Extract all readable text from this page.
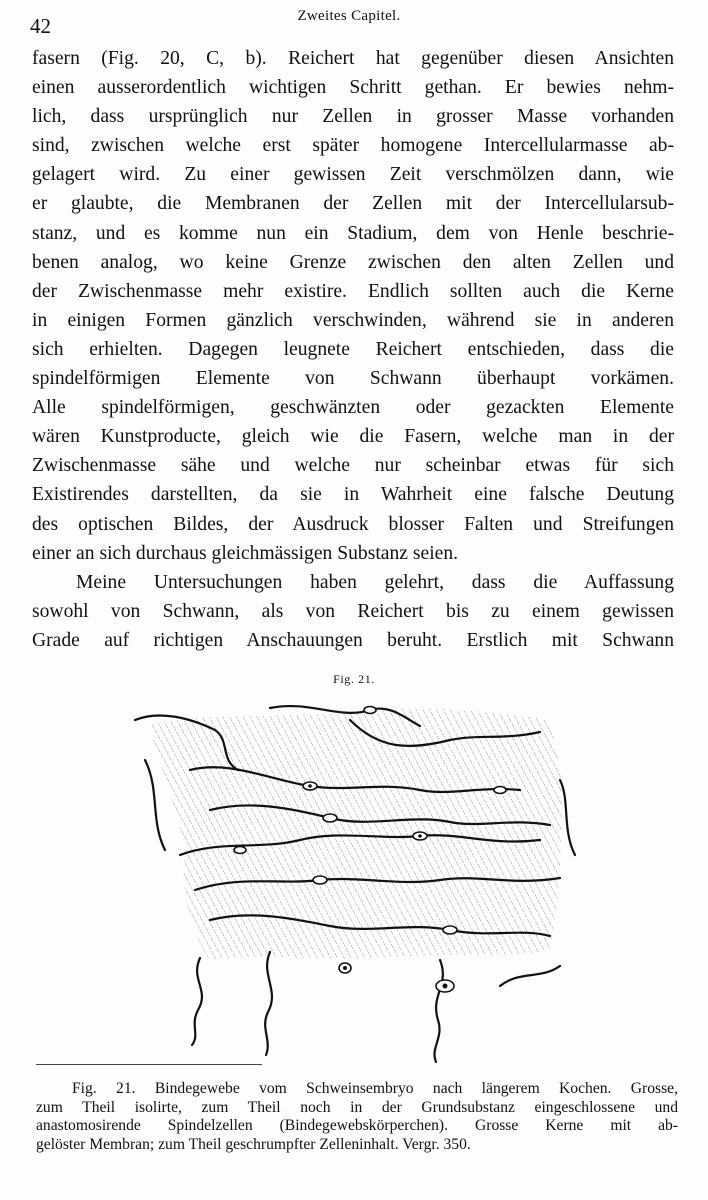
42	Zweites Capitel.
fasern (Fig. 20, C, b). Reichert hat gegenüber diesen Ansichten
einen ausserordentlich wichtigen Schritt gethan. Er bewies nehm-
lich, dass ursprünglich nur Zellen in grosser Masse vorhanden
sind, zwischen welche erst später homogene Intercellularmasse ab-
gelagert wird. Zu einer gewissen Zeit verschmölzen dann, wie
er glaubte, die Membranen der Zellen mit der Intercellularsub-
stanz, und es komme nun ein Stadium, dem von Henle beschrie-
benen analog, wo keine Grenze zwischen den alten Zellen und
der Zwischenmasse mehr existire. Endlich sollten auch die Kerne
in einigen Formen gänzlich verschwinden, während sie in anderen
sich erhielten. Dagegen leugnete Reichert entschieden, dass die
spindelförmigen Elemente von Schwann überhaupt vorkämen.
Alle spindelförmigen, geschwänzten oder gezackten Elemente
wären Kunstproducte, gleich wie die Fasern, welche man in der
Zwischenmasse sähe und welche nur scheinbar etwas für sich
Existirendes darstellten, da sie in Wahrheit eine falsche Deutung
des optischen Bildes, der Ausdruck blosser Falten und Streifungen
einer an sich durchaus gleichmässigen Substanz seien.
Meine Untersuchungen haben gelehrt, dass die Auffassung
sowohl von Schwann, als von Reichert bis zu einem gewissen
Grade auf richtigen Anschauungen beruht. Erstlich mit Schwann
Fig. 21.
Fig. 21. Bindegewebe vom Schweinsembryo nach längerem Kochen. Grosse,
zum Theil isolirte, zum Theil noch in der Grundsubstanz eingeschlossene und
anastomosirende Spindelzellen (Bindegewebskörperchen). Grosse Kerne mit ab-
gelöster Membran; zum Theil geschrumpfter Zelleninhalt. Vergr. 350.
